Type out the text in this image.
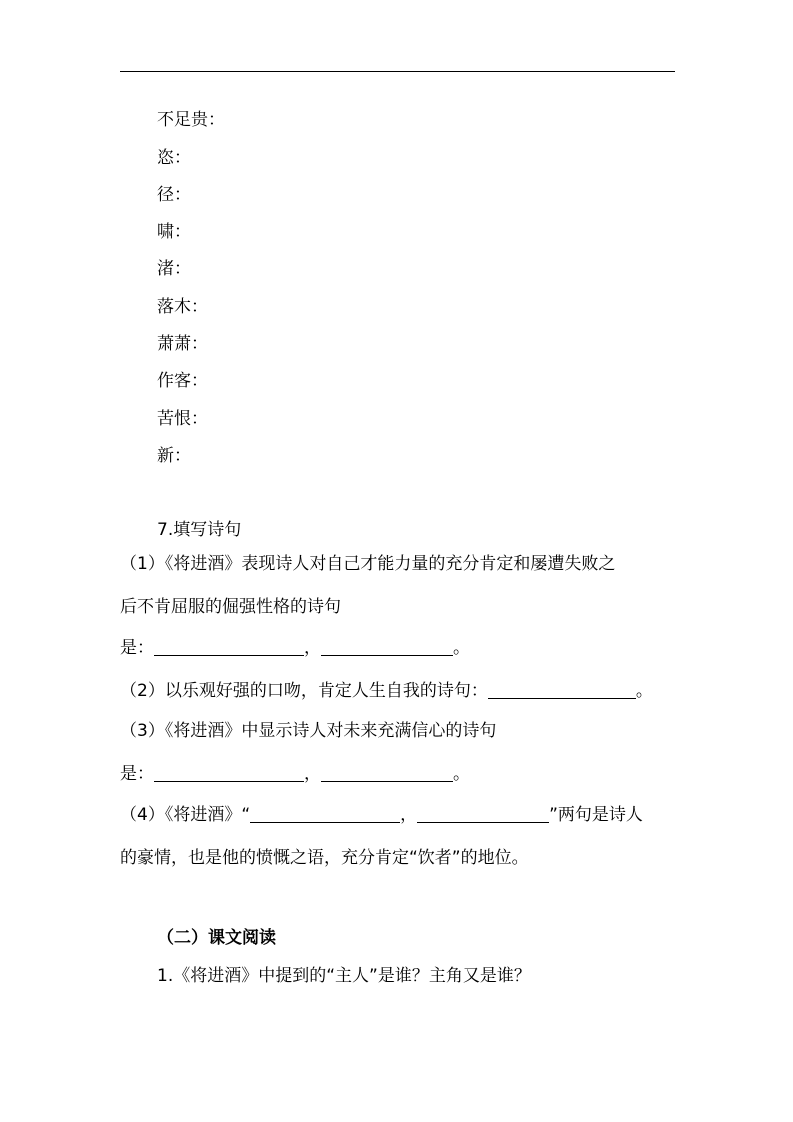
不足贵：
恣：
径：
啸：
渚：
落木：
萧萧：
作客：
苦恨：
新：
7.填写诗句
（1）《将进酒》表现诗人对自己才能力量的充分肯定和屡遭失败之
后不肯屈服的倔强性格的诗句
是：	，	。
（2）以乐观好强的口吻，肯定人生自我的诗句：	。
（3）《将进酒》中显示诗人对未来充满信心的诗句
是：	，	。
（4）《将进酒》“	，	”两句是诗人
的豪情，也是他的愤慨之语，充分肯定“饮者”的地位。
（二）课文阅读
1.《将进酒》中提到的“主人”是谁？主角又是谁？
